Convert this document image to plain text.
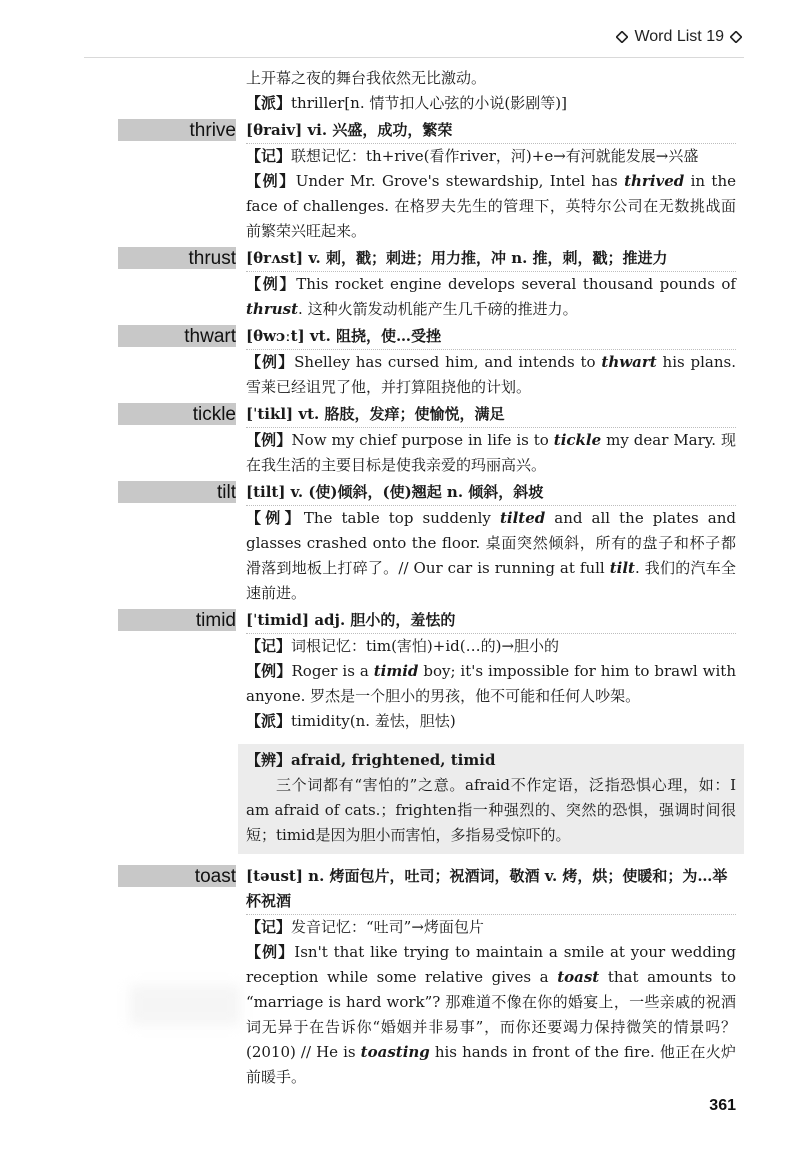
Word List 19

上开幕之夜的舞台我依然无比激动。

【派】thriller[n. 情节扣人心弦的小说(影剧等)]

thrive [θraiv] vi. 兴盛，成功，繁荣

【记】联想记忆：th+rive(看作river，河)+e→有河就能发展→兴盛

【例】Under Mr. Grove's stewardship, Intel has thrived in the face of challenges. 在格罗夫先生的管理下，英特尔公司在无数挑战面前繁荣兴旺起来。

thrust [θrʌst] v. 刺，戳；刺进；用力推，冲 n. 推，刺，戳；推进力

【例】This rocket engine develops several thousand pounds of thrust. 这种火箭发动机能产生几千磅的推进力。

thwart [θwɔːt] vt. 阻挠，使…受挫

【例】Shelley has cursed him, and intends to thwart his plans. 雪莱已经诅咒了他，并打算阻挠他的计划。

tickle [ˈtikl] vt. 胳肢，发痒；使愉悦，满足

【例】Now my chief purpose in life is to tickle my dear Mary. 现在我生活的主要目标是使我亲爱的玛丽高兴。

tilt [tilt] v. (使)倾斜，(使)翘起 n. 倾斜，斜坡

【例】The table top suddenly tilted and all the plates and glasses crashed onto the floor. 桌面突然倾斜，所有的盘子和杯子都滑落到地板上打碎了。// Our car is running at full tilt. 我们的汽车全速前进。

timid [ˈtimid] adj. 胆小的，羞怯的

【记】词根记忆：tim(害怕)+id(…的)→胆小的

【例】Roger is a timid boy; it's impossible for him to brawl with anyone. 罗杰是一个胆小的男孩，他不可能和任何人吵架。

【派】timidity(n. 羞怯，胆怯)

【辨】afraid, frightened, timid

三个词都有“害怕的”之意。afraid不作定语，泛指恐惧心理，如：I am afraid of cats.；frighten指一种强烈的、突然的恐惧，强调时间很短；timid是因为胆小而害怕，多指易受惊吓的。

toast [təust] n. 烤面包片，吐司；祝酒词，敬酒 v. 烤，烘；使暖和；为…举杯祝酒

【记】发音记忆：“吐司”→烤面包片

【例】Isn't that like trying to maintain a smile at your wedding reception while some relative gives a toast that amounts to “marriage is hard work”? 那难道不像在你的婚宴上，一些亲戚的祝酒词无异于在告诉你“婚姻并非易事”，而你还要竭力保持微笑的情景吗？(2010) // He is toasting his hands in front of the fire. 他正在火炉前暖手。

361
